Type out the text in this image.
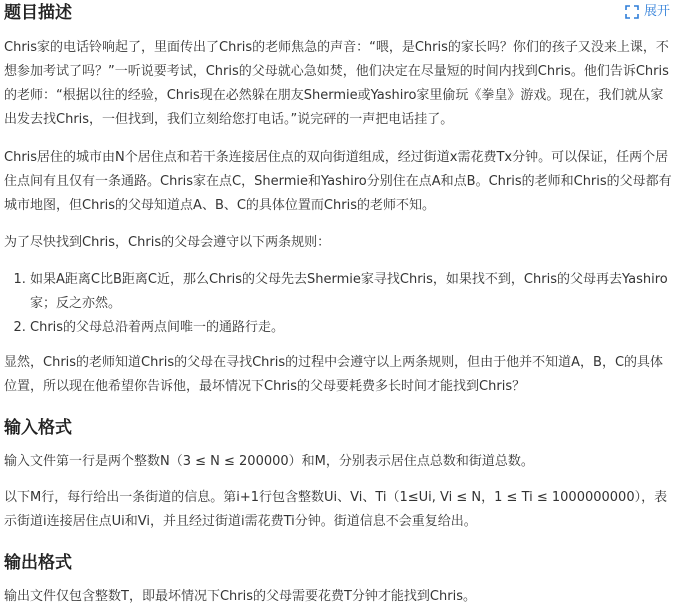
题目描述	展开

Chris家的电话铃响起了，里面传出了Chris的老师焦急的声音：“喂，是Chris的家长吗？你们的孩子又没来上课，不想参加考试了吗？”一听说要考试，Chris的父母就心急如焚，他们决定在尽量短的时间内找到Chris。他们告诉Chris的老师：“根据以往的经验，Chris现在必然躲在朋友Shermie或Yashiro家里偷玩《拳皇》游戏。现在，我们就从家出发去找Chris，一但找到，我们立刻给您打电话。”说完砰的一声把电话挂了。

Chris居住的城市由N个居住点和若干条连接居住点的双向街道组成，经过街道x需花费Tx分钟。可以保证，任两个居住点间有且仅有一条通路。Chris家在点C，Shermie和Yashiro分别住在点A和点B。Chris的老师和Chris的父母都有城市地图，但Chris的父母知道点A、B、C的具体位置而Chris的老师不知。

为了尽快找到Chris，Chris的父母会遵守以下两条规则：

1. 如果A距离C比B距离C近，那么Chris的父母先去Shermie家寻找Chris，如果找不到，Chris的父母再去Yashiro家；反之亦然。
2. Chris的父母总沿着两点间唯一的通路行走。

显然，Chris的老师知道Chris的父母在寻找Chris的过程中会遵守以上两条规则，但由于他并不知道A，B，C的具体位置，所以现在他希望你告诉他，最坏情况下Chris的父母要耗费多长时间才能找到Chris？

输入格式

输入文件第一行是两个整数N（3 ≤ N ≤ 200000）和M，分别表示居住点总数和街道总数。

以下M行，每行给出一条街道的信息。第i+1行包含整数Ui、Vi、Ti（1≤Ui, Vi ≤ N，1 ≤ Ti ≤ 1000000000），表示街道i连接居住点Ui和Vi，并且经过街道i需花费Ti分钟。街道信息不会重复给出。

输出格式

输出文件仅包含整数T，即最坏情况下Chris的父母需要花费T分钟才能找到Chris。
